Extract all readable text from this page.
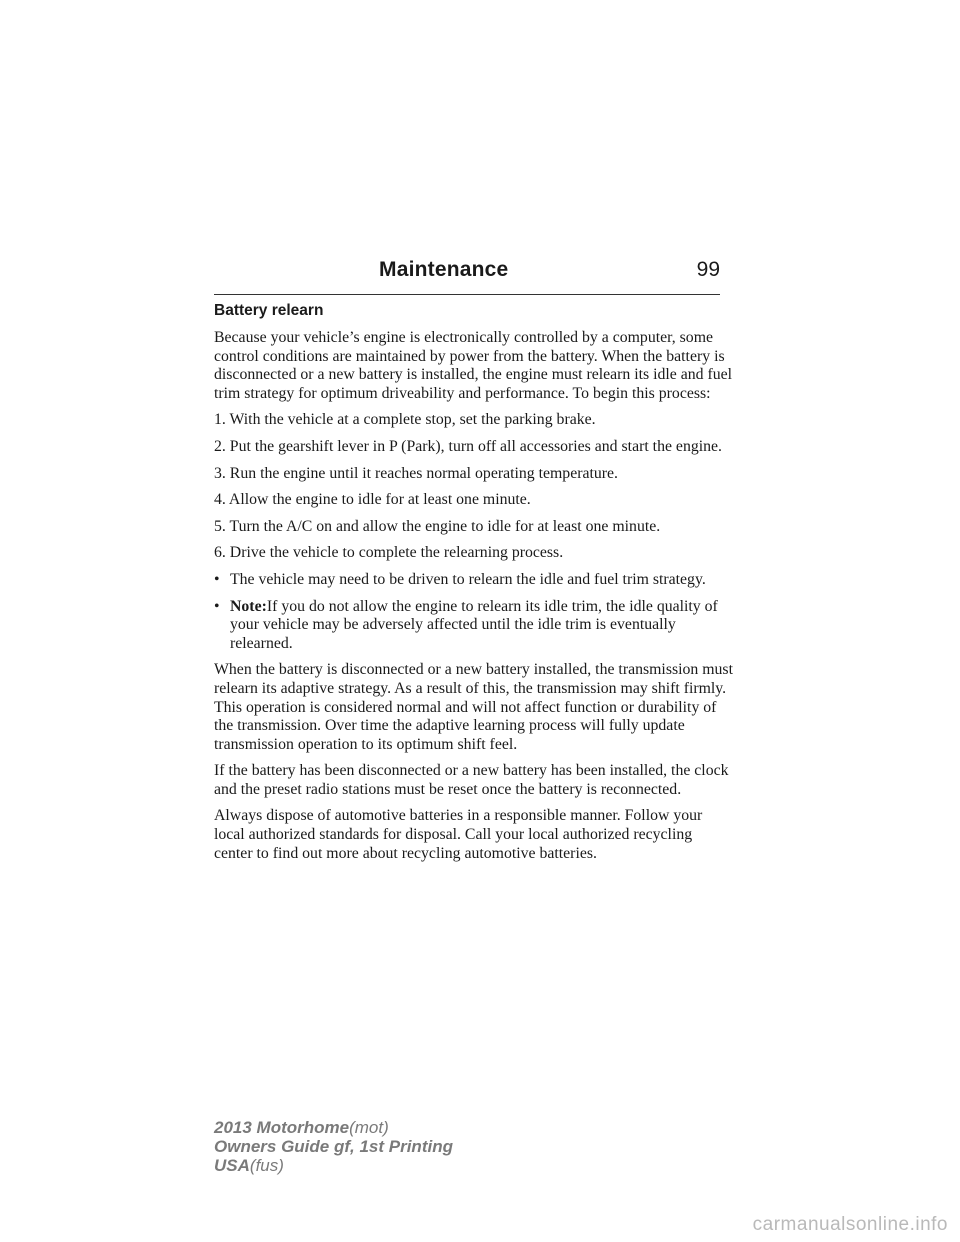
Maintenance	99
Battery relearn

Because your vehicle’s engine is electronically controlled by a computer, some control conditions are maintained by power from the battery. When the battery is disconnected or a new battery is installed, the engine must relearn its idle and fuel trim strategy for optimum driveability and performance. To begin this process:

1. With the vehicle at a complete stop, set the parking brake.

2. Put the gearshift lever in P (Park), turn off all accessories and start the engine.

3. Run the engine until it reaches normal operating temperature.

4. Allow the engine to idle for at least one minute.

5. Turn the A/C on and allow the engine to idle for at least one minute.

6. Drive the vehicle to complete the relearning process.

• The vehicle may need to be driven to relearn the idle and fuel trim strategy.
• Note:If you do not allow the engine to relearn its idle trim, the idle quality of your vehicle may be adversely affected until the idle trim is eventually relearned.

When the battery is disconnected or a new battery installed, the transmission must relearn its adaptive strategy. As a result of this, the transmission may shift firmly. This operation is considered normal and will not affect function or durability of the transmission. Over time the adaptive learning process will fully update transmission operation to its optimum shift feel.

If the battery has been disconnected or a new battery has been installed, the clock and the preset radio stations must be reset once the battery is reconnected.

Always dispose of automotive batteries in a responsible manner. Follow your local authorized standards for disposal. Call your local authorized recycling center to find out more about recycling automotive batteries.

2013 Motorhome(mot)
Owners Guide gf, 1st Printing
USA(fus)
carmanualsonline.info
